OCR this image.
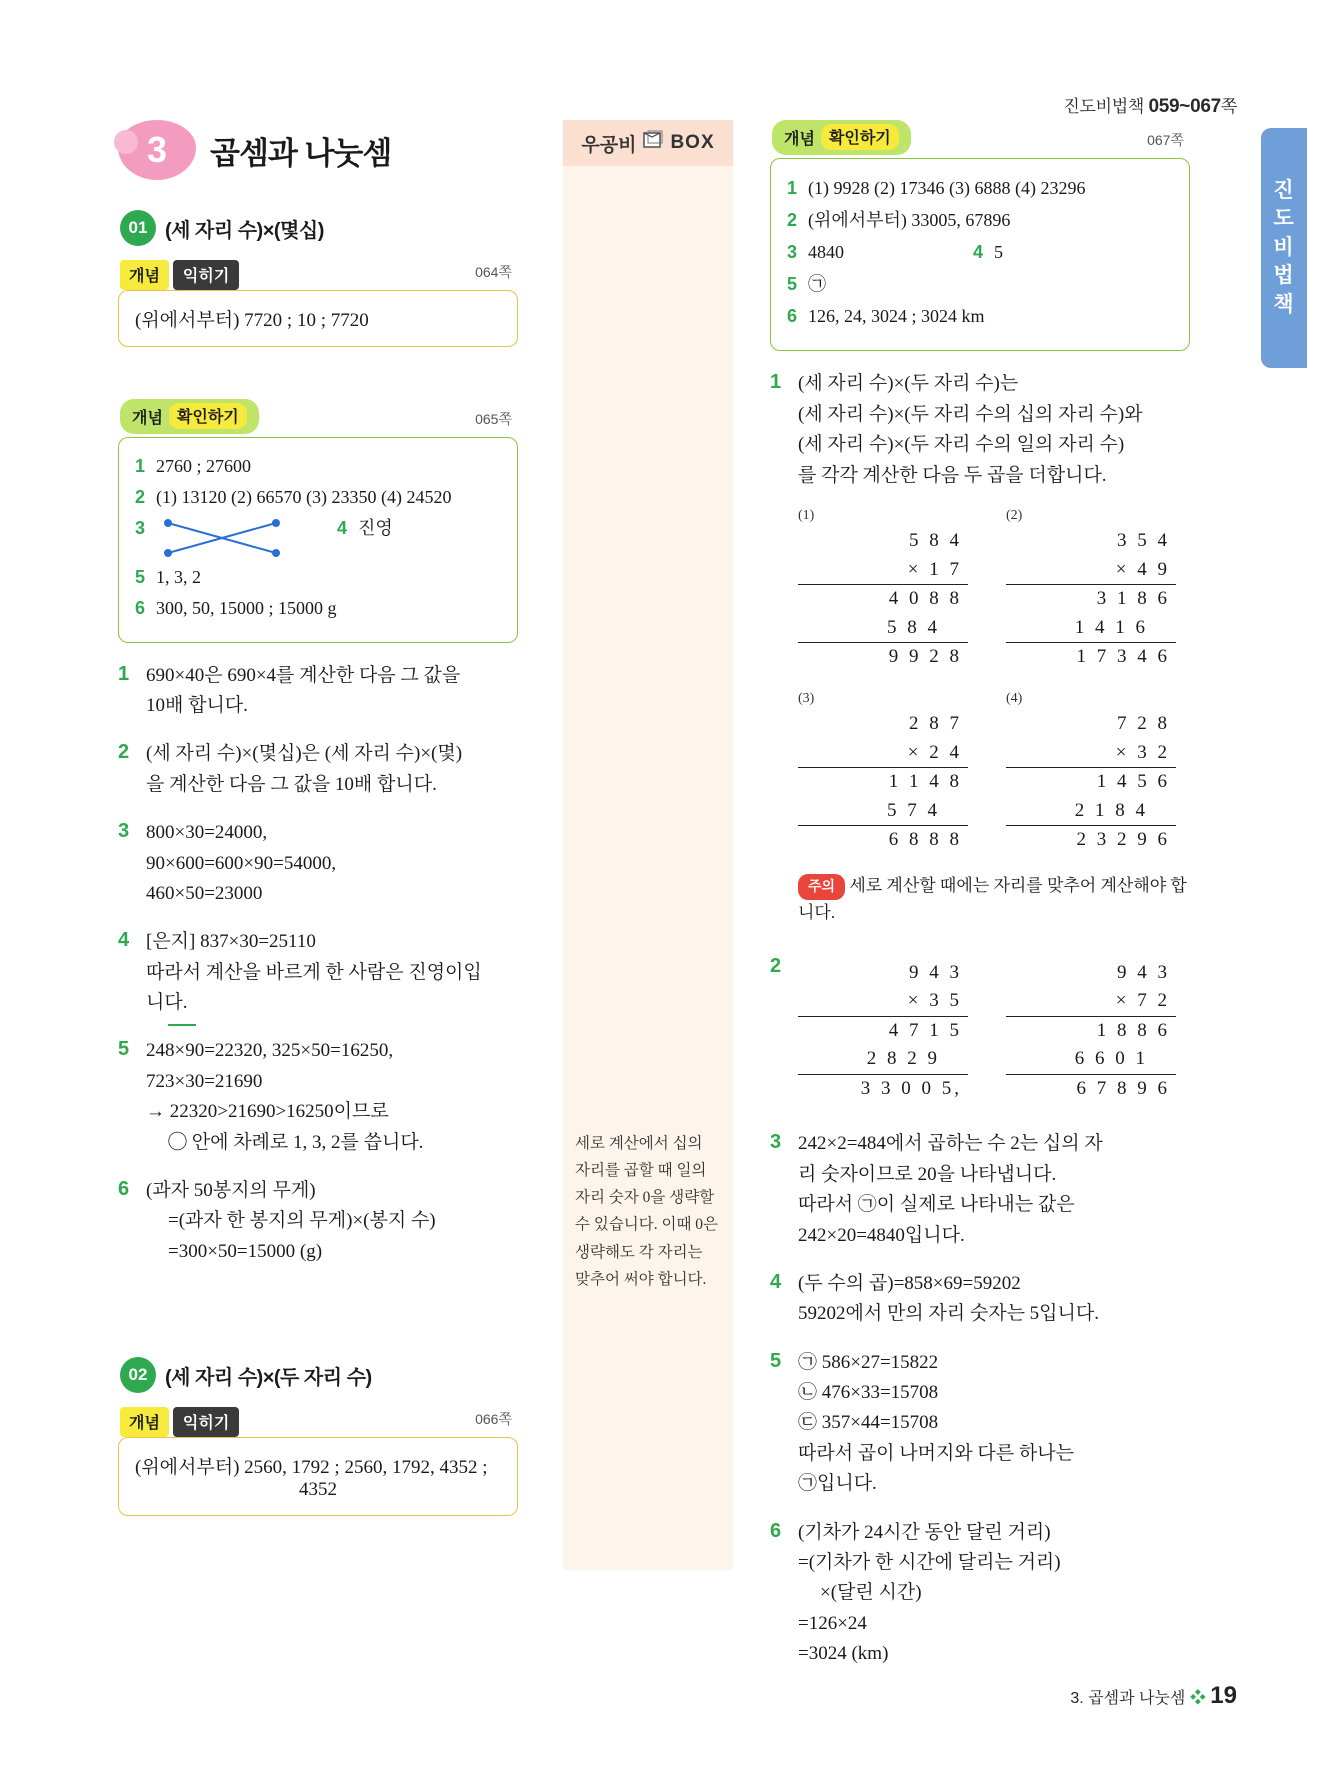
진도비법책 059~067쪽
진
도
비
법
책
3	곱셈과 나눗셈
01 (세 자리 수)×(몇십)
개념	익히기	064쪽
(위에서부터) 7720 ; 10 ; 7720
개념 확인하기	065쪽
1 2760 ; 27600
2 (1) 13120 (2) 66570 (3) 23350 (4) 24520
3	4 진영
5 1, 3, 2
6 300, 50, 15000 ; 15000 g
1 690×40은 690×4를 계산한 다음 그 값을
10배 합니다.
2 (세 자리 수)×(몇십)은 (세 자리 수)×(몇)
을 계산한 다음 그 값을 10배 합니다.
3 800×30=24000,
90×600=600×90=54000,
460×50=23000
4 [은지] 837×30=25110
따라서 계산을 바르게 한 사람은 진영이입
니다.
5 248×90=22320, 325×50=16250,
723×30=21690
→ 22320>21690>16250이므로
◯ 안에 차례로 1, 3, 2를 씁니다.
6 (과자 50봉지의 무게)
=(과자 한 봉지의 무게)×(봉지 수)
=300×50=15000 (g)
02 (세 자리 수)×(두 자리 수)
개념	익히기	066쪽
(위에서부터) 2560, 1792 ; 2560, 1792, 4352 ;
4352
우공비 BOX
세로 계산에서 십의 자리를 곱할 때 일의 자리 숫자 0을 생략할 수 있습니다. 이때 0은 생략해도 각 자리는 맞추어 써야 합니다.
개념 확인하기	067쪽
1 (1) 9928 (2) 17346 (3) 6888 (4) 23296
2 (위에서부터) 33005, 67896
3 4840	4 5
5 ㉠
6 126, 24, 3024 ; 3024 km
1 (세 자리 수)×(두 자리 수)는
(세 자리 수)×(두 자리 수의 십의 자리 수)와
(세 자리 수)×(두 자리 수의 일의 자리 수)
를 각각 계산한 다음 두 곱을 더합니다.
(1)
5 8 4
× 1 7
4 0 8 8
5 8 4
9 9 2 8
(2)
3 5 4
× 4 9
3 1 8 6
1 4 1 6
1 7 3 4 6
(3)
2 8 7
× 2 4
1 1 4 8
5 7 4
6 8 8 8
(4)
7 2 8
× 3 2
1 4 5 6
2 1 8 4
2 3 2 9 6
주의 세로 계산할 때에는 자리를 맞추어 계산해야 합니다.
2	9 4 3
× 3 5
4 7 1 5
2 8 2 9
3 3 0 0 5,
9 4 3
× 7 2
1 8 8 6
6 6 0 1
6 7 8 9 6
3 242×2=484에서 곱하는 수 2는 십의 자
리 숫자이므로 20을 나타냅니다.
따라서 ㉠이 실제로 나타내는 값은
242×20=4840입니다.
4 (두 수의 곱)=858×69=59202
59202에서 만의 자리 숫자는 5입니다.
5 ㉠ 586×27=15822
㉡ 476×33=15708
㉢ 357×44=15708
따라서 곱이 나머지와 다른 하나는
㉠입니다.
6 (기차가 24시간 동안 달린 거리)
=(기차가 한 시간에 달리는 거리)
×(달린 시간)
=126×24
=3024 (km)
3. 곱셈과 나눗셈 ❖ 19
